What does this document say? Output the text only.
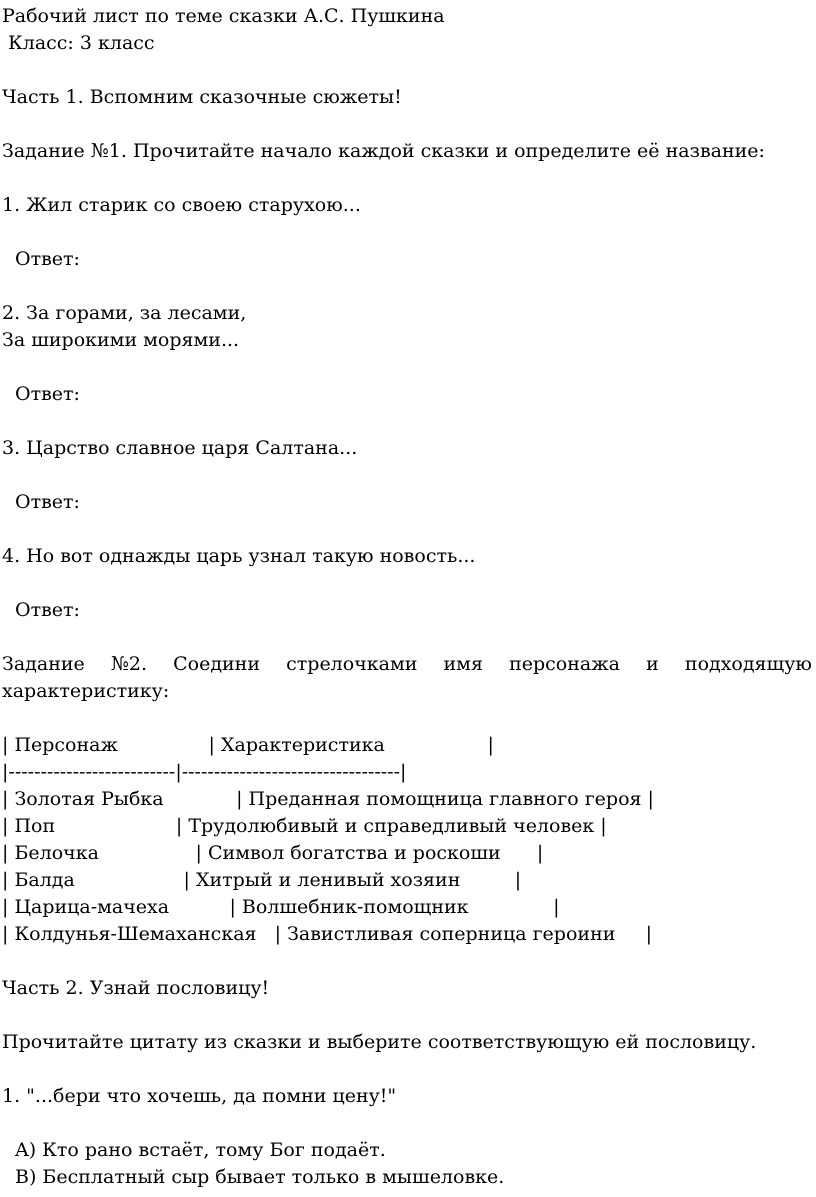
Рабочий лист по теме сказки А.С. Пушкина
Класс: 3 класс
Часть 1. Вспомним сказочные сюжеты!
Задание №1. Прочитайте начало каждой сказки и определите её название:
1. Жил старик со своею старухою...
Ответ:
2. За горами, за лесами,
За широкими морями...
Ответ:
3. Царство славное царя Салтана...
Ответ:
4. Но вот однажды царь узнал такую новость...
Ответ:
Задание №2. Соедини стрелочками имя персонажа и подходящую
характеристику:
| Персонаж               | Характеристика                 |
|--------------------------|----------------------------------|
| Золотая Рыбка            | Преданная помощница главного героя |
| Поп                    | Трудолюбивый и справедливый человек |
| Белочка                | Символ богатства и роскоши      |
| Балда                  | Хитрый и ленивый хозяин         |
| Царица-мачеха          | Волшебник-помощник              |
| Колдунья-Шемаханская   | Завистливая соперница героини     |
Часть 2. Узнай пословицу!
Прочитайте цитату из сказки и выберите соответствующую ей пословицу.
1. "...бери что хочешь, да помни цену!"
A) Кто рано встаёт, тому Бог подаёт.
B) Бесплатный сыр бывает только в мышеловке.
